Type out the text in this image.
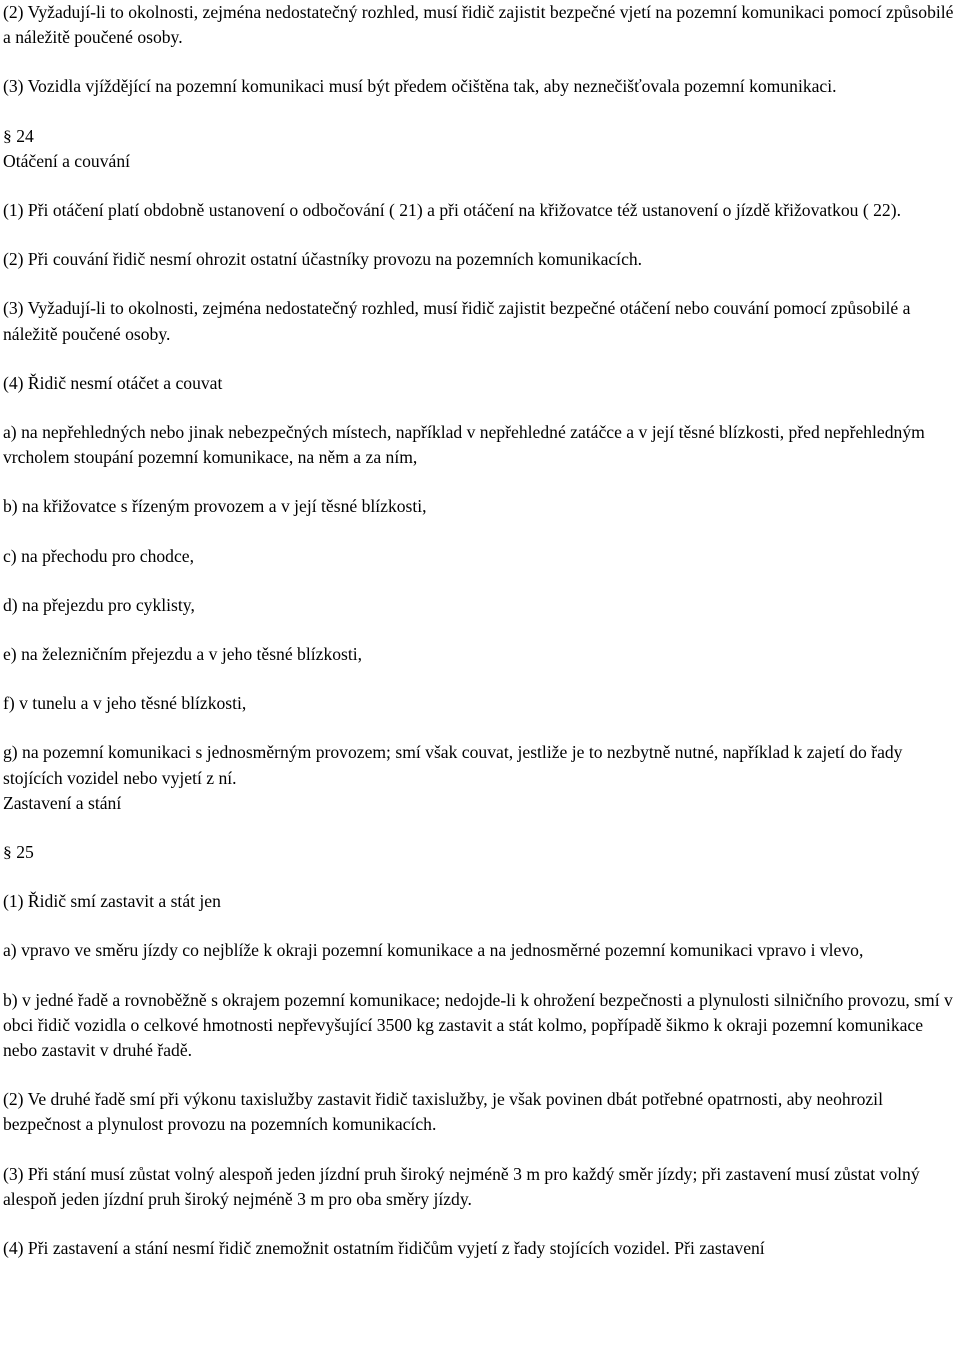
(2) Vyžadují-li to okolnosti, zejména nedostatečný rozhled, musí řidič zajistit bezpečné vjetí na pozemní komunikaci pomocí způsobilé a náležitě poučené osoby.

(3) Vozidla vjíždějící na pozemní komunikaci musí být předem očištěna tak, aby neznečišťovala pozemní komunikaci.

§ 24

Otáčení a couvání

(1) Při otáčení platí obdobně ustanovení o odbočování ( 21) a při otáčení na křižovatce též ustanovení o jízdě křižovatkou ( 22).

(2) Při couvání řidič nesmí ohrozit ostatní účastníky provozu na pozemních komunikacích.

(3) Vyžadují-li to okolnosti, zejména nedostatečný rozhled, musí řidič zajistit bezpečné otáčení nebo couvání pomocí způsobilé a náležitě poučené osoby.

(4) Řidič nesmí otáčet a couvat

a) na nepřehledných nebo jinak nebezpečných místech, například v nepřehledné zatáčce a v její těsné blízkosti, před nepřehledným vrcholem stoupání pozemní komunikace, na něm a za ním,

b) na křižovatce s řízeným provozem a v její těsné blízkosti,

c) na přechodu pro chodce,

d) na přejezdu pro cyklisty,

e) na železničním přejezdu a v jeho těsné blízkosti,

f) v tunelu a v jeho těsné blízkosti,

g) na pozemní komunikaci s jednosměrným provozem; smí však couvat, jestliže je to nezbytně nutné, například k zajetí do řady stojících vozidel nebo vyjetí z ní.

Zastavení a stání

§ 25

(1) Řidič smí zastavit a stát jen

a) vpravo ve směru jízdy co nejblíže k okraji pozemní komunikace a na jednosměrné pozemní komunikaci vpravo i vlevo,

b) v jedné řadě a rovnoběžně s okrajem pozemní komunikace; nedojde-li k ohrožení bezpečnosti a plynulosti silničního provozu, smí v obci řidič vozidla o celkové hmotnosti nepřevyšující 3500 kg zastavit a stát kolmo, popřípadě šikmo k okraji pozemní komunikace nebo zastavit v druhé řadě.

(2) Ve druhé řadě smí při výkonu taxislužby zastavit řidič taxislužby, je však povinen dbát potřebné opatrnosti, aby neohrozil bezpečnost a plynulost provozu na pozemních komunikacích.

(3) Při stání musí zůstat volný alespoň jeden jízdní pruh široký nejméně 3 m pro každý směr jízdy; při zastavení musí zůstat volný alespoň jeden jízdní pruh široký nejméně 3 m pro oba směry jízdy.

(4) Při zastavení a stání nesmí řidič znemožnit ostatním řidičům vyjetí z řady stojících vozidel. Při zastavení
